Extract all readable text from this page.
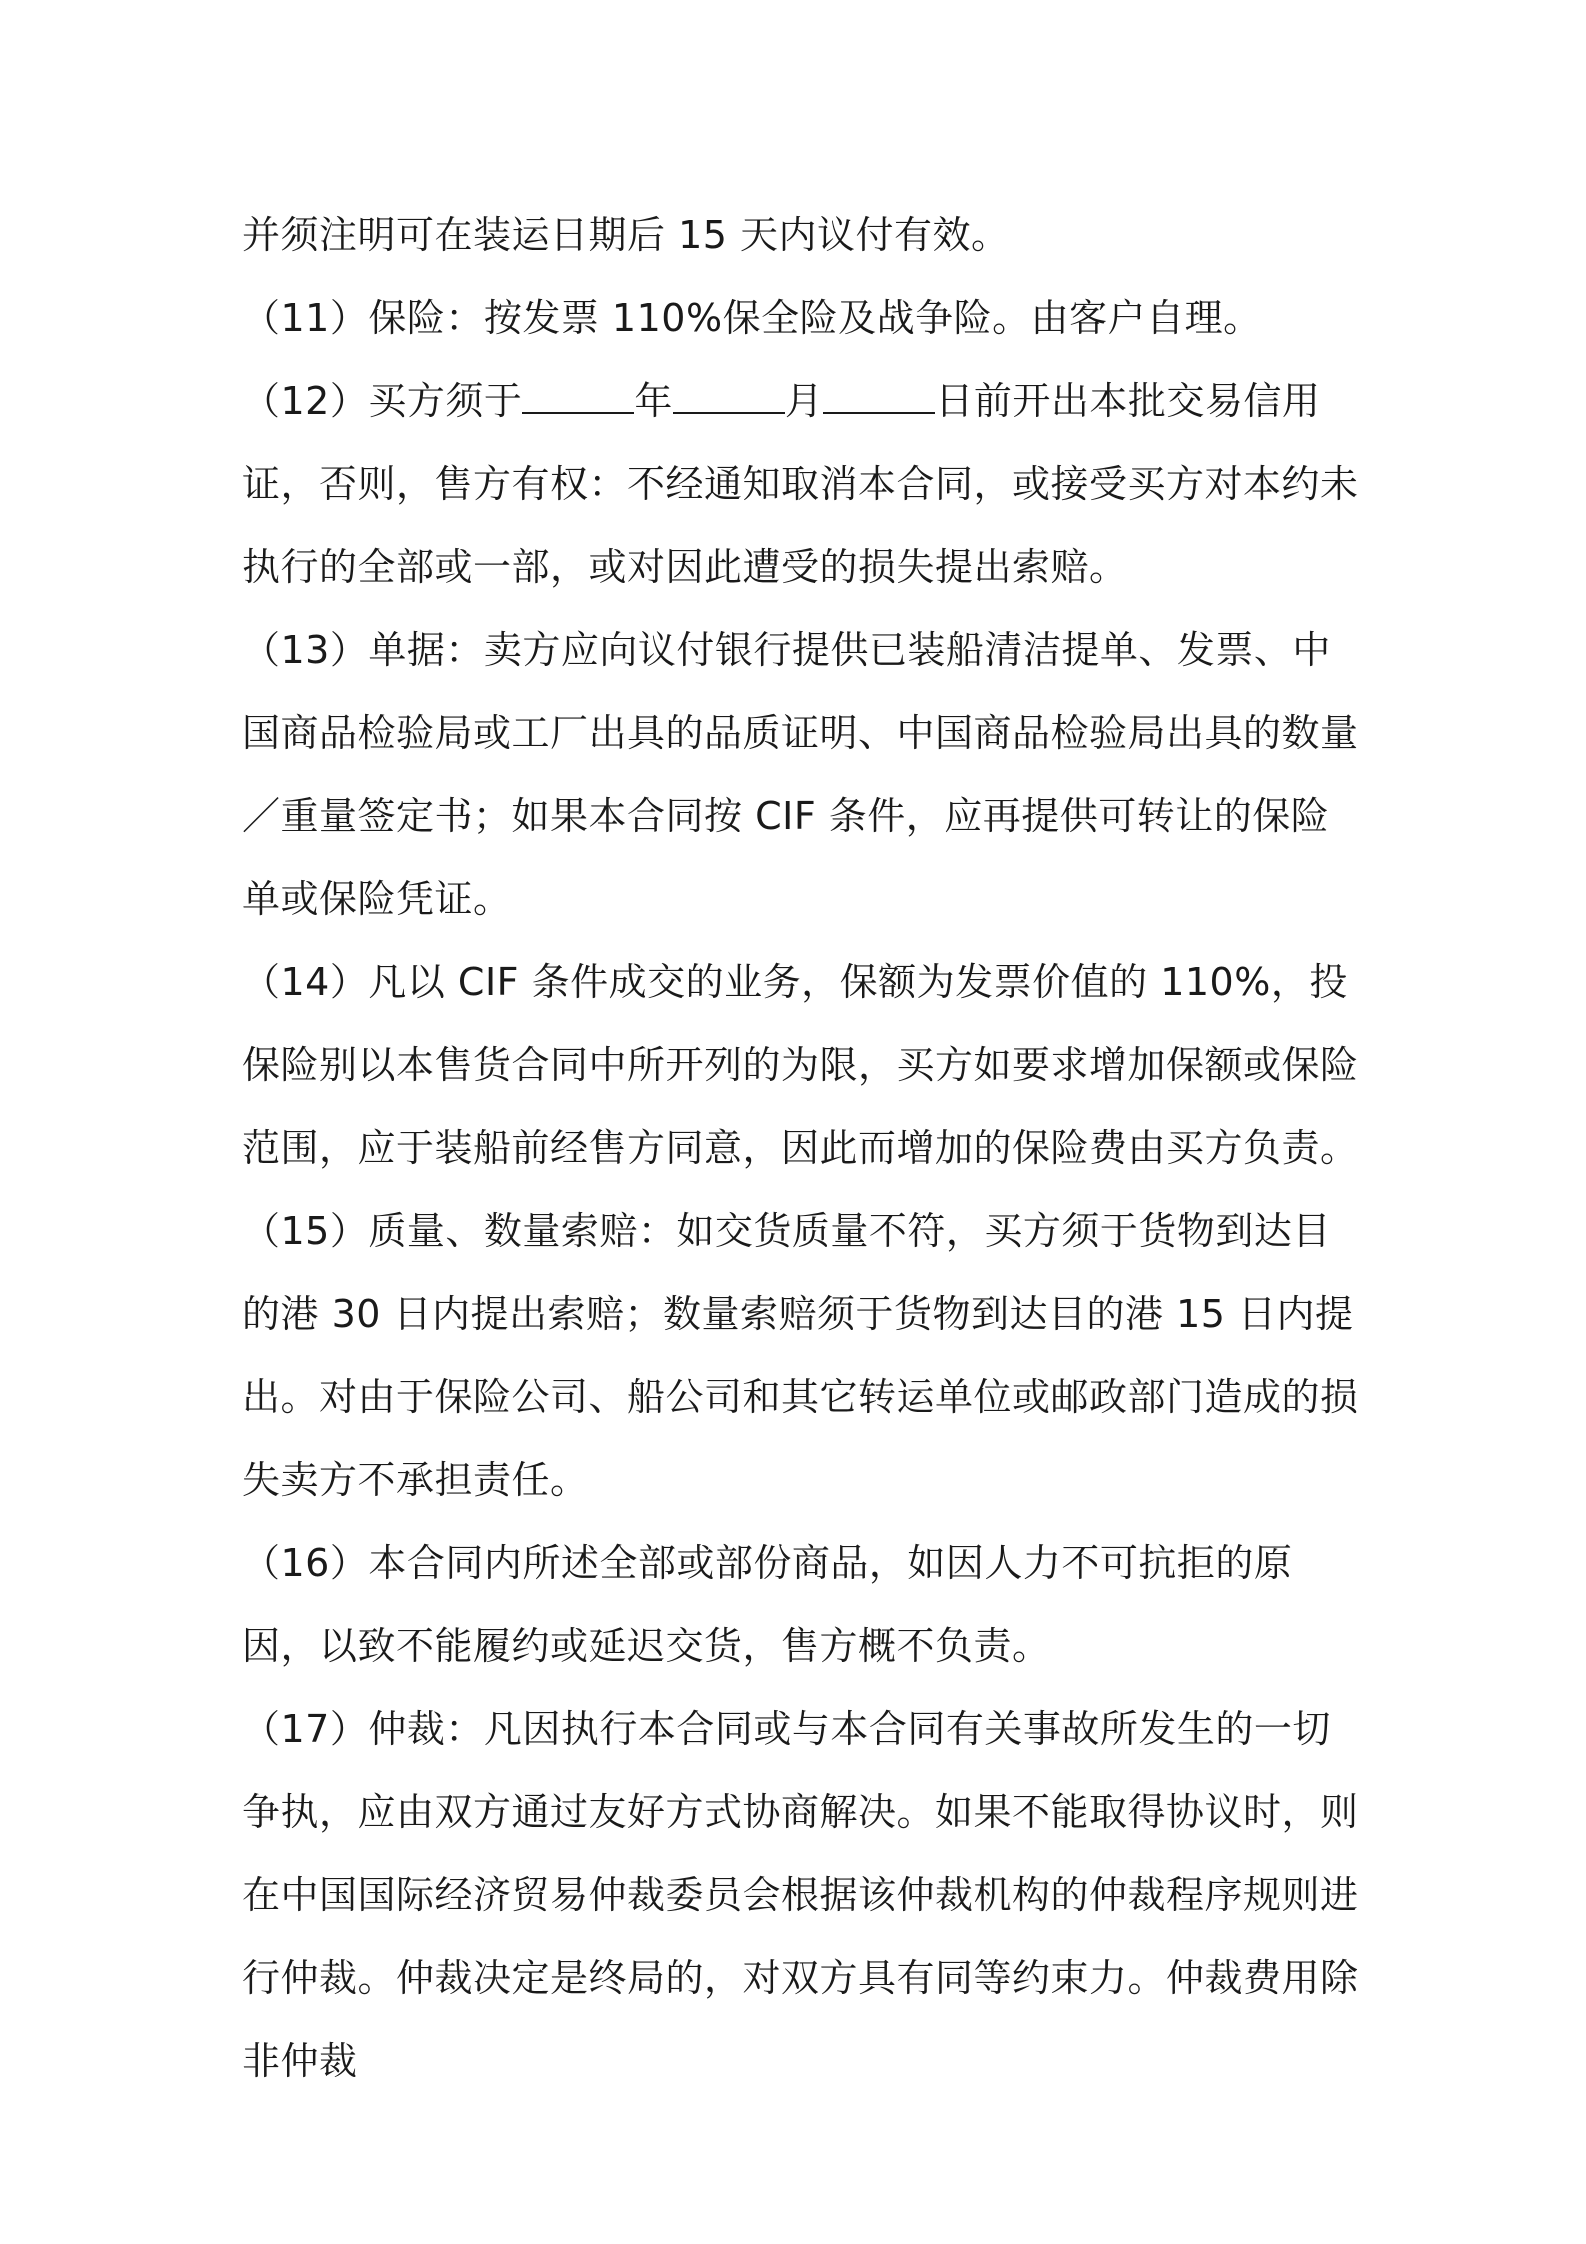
并须注明可在装运日期后 15 天内议付有效。

（11）保险：按发票 110%保全险及战争险。由客户自理。

（12）买方须于	年	月	日前开出本批交易信用证，否则，售方有权：不经通知取消本合同，或接受买方对本约未执行的全部或一部，或对因此遭受的损失提出索赔。

（13）单据：卖方应向议付银行提供已装船清洁提单、发票、中国商品检验局或工厂出具的品质证明、中国商品检验局出具的数量／重量签定书；如果本合同按 CIF 条件，应再提供可转让的保险单或保险凭证。

（14）凡以 CIF 条件成交的业务，保额为发票价值的 110%，投保险别以本售货合同中所开列的为限，买方如要求增加保额或保险范围，应于装船前经售方同意，因此而增加的保险费由买方负责。

（15）质量、数量索赔：如交货质量不符，买方须于货物到达目的港 30 日内提出索赔；数量索赔须于货物到达目的港 15 日内提出。对由于保险公司、船公司和其它转运单位或邮政部门造成的损失卖方不承担责任。

（16）本合同内所述全部或部份商品，如因人力不可抗拒的原因，以致不能履约或延迟交货，售方概不负责。

（17）仲裁：凡因执行本合同或与本合同有关事故所发生的一切争执，应由双方通过友好方式协商解决。如果不能取得协议时，则在中国国际经济贸易仲裁委员会根据该仲裁机构的仲裁程序规则进行仲裁。仲裁决定是终局的，对双方具有同等约束力。仲裁费用除非仲裁
